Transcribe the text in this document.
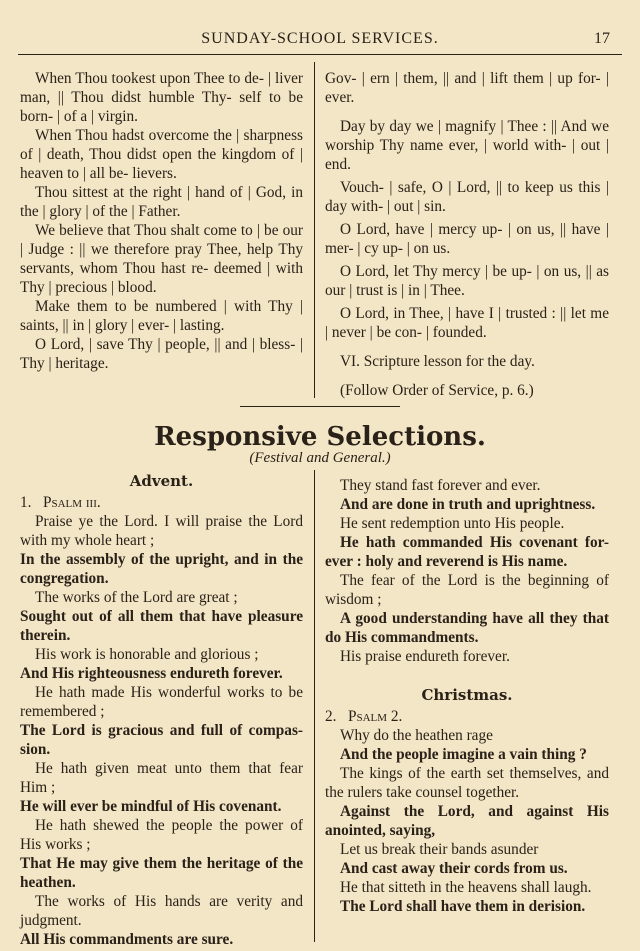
SUNDAY-SCHOOL SERVICES.	17

When Thou tookest upon Thee to de- | liver man, || Thou didst humble Thy- self to be born- | of a | virgin.

When Thou hadst overcome the | sharpness of | death, Thou didst open the kingdom of | heaven to | all be- lievers.

Thou sittest at the right | hand of | God, in the | glory | of the | Father.

We believe that Thou shalt come to | be our | Judge : || we therefore pray Thee, help Thy servants, whom Thou hast re- deemed | with Thy | precious | blood.

Make them to be numbered | with Thy | saints, || in | glory | ever- | lasting.

O Lord, | save Thy | people, || and | bless- | Thy | heritage.

Gov- | ern | them, || and | lift them | up for- | ever.

Day by day we | magnify | Thee : || And we worship Thy name ever, | world with- | out | end.

Vouch- | safe, O | Lord, || to keep us this | day with- | out | sin.

O Lord, have | mercy up- | on us, || have | mer- | cy up- | on us.

O Lord, let Thy mercy | be up- | on us, || as our | trust is | in | Thee.

O Lord, in Thee, | have I | trusted : || let me | never | be con- | founded.

VI. Scripture lesson for the day.

(Follow Order of Service, p. 6.)

Responsive Selections.
(Festival and General.)
Advent.

1. Psalm iii.

Praise ye the Lord. I will praise the Lord with my whole heart ;

In the assembly of the upright, and in the congregation.

The works of the Lord are great ;

Sought out of all them that have pleasure therein.

His work is honorable and glorious ;

And His righteousness endureth forever.

He hath made His wonderful works to be remembered ;

The Lord is gracious and full of compas- sion.

He hath given meat unto them that fear Him ;

He will ever be mindful of His covenant.

He hath shewed the people the power of His works ;

That He may give them the heritage of the heathen.

The works of His hands are verity and judgment.

All His commandments are sure.

They stand fast forever and ever.

And are done in truth and uprightness.

He sent redemption unto His people.

He hath commanded His covenant for- ever : holy and reverend is His name.

The fear of the Lord is the beginning of wisdom ;

A good understanding have all they that do His commandments.

His praise endureth forever.

Christmas.

2. Psalm 2.

Why do the heathen rage

And the people imagine a vain thing ?

The kings of the earth set themselves, and the rulers take counsel together.

Against the Lord, and against His anointed, saying,

Let us break their bands asunder

And cast away their cords from us.

He that sitteth in the heavens shall laugh.

The Lord shall have them in derision.
